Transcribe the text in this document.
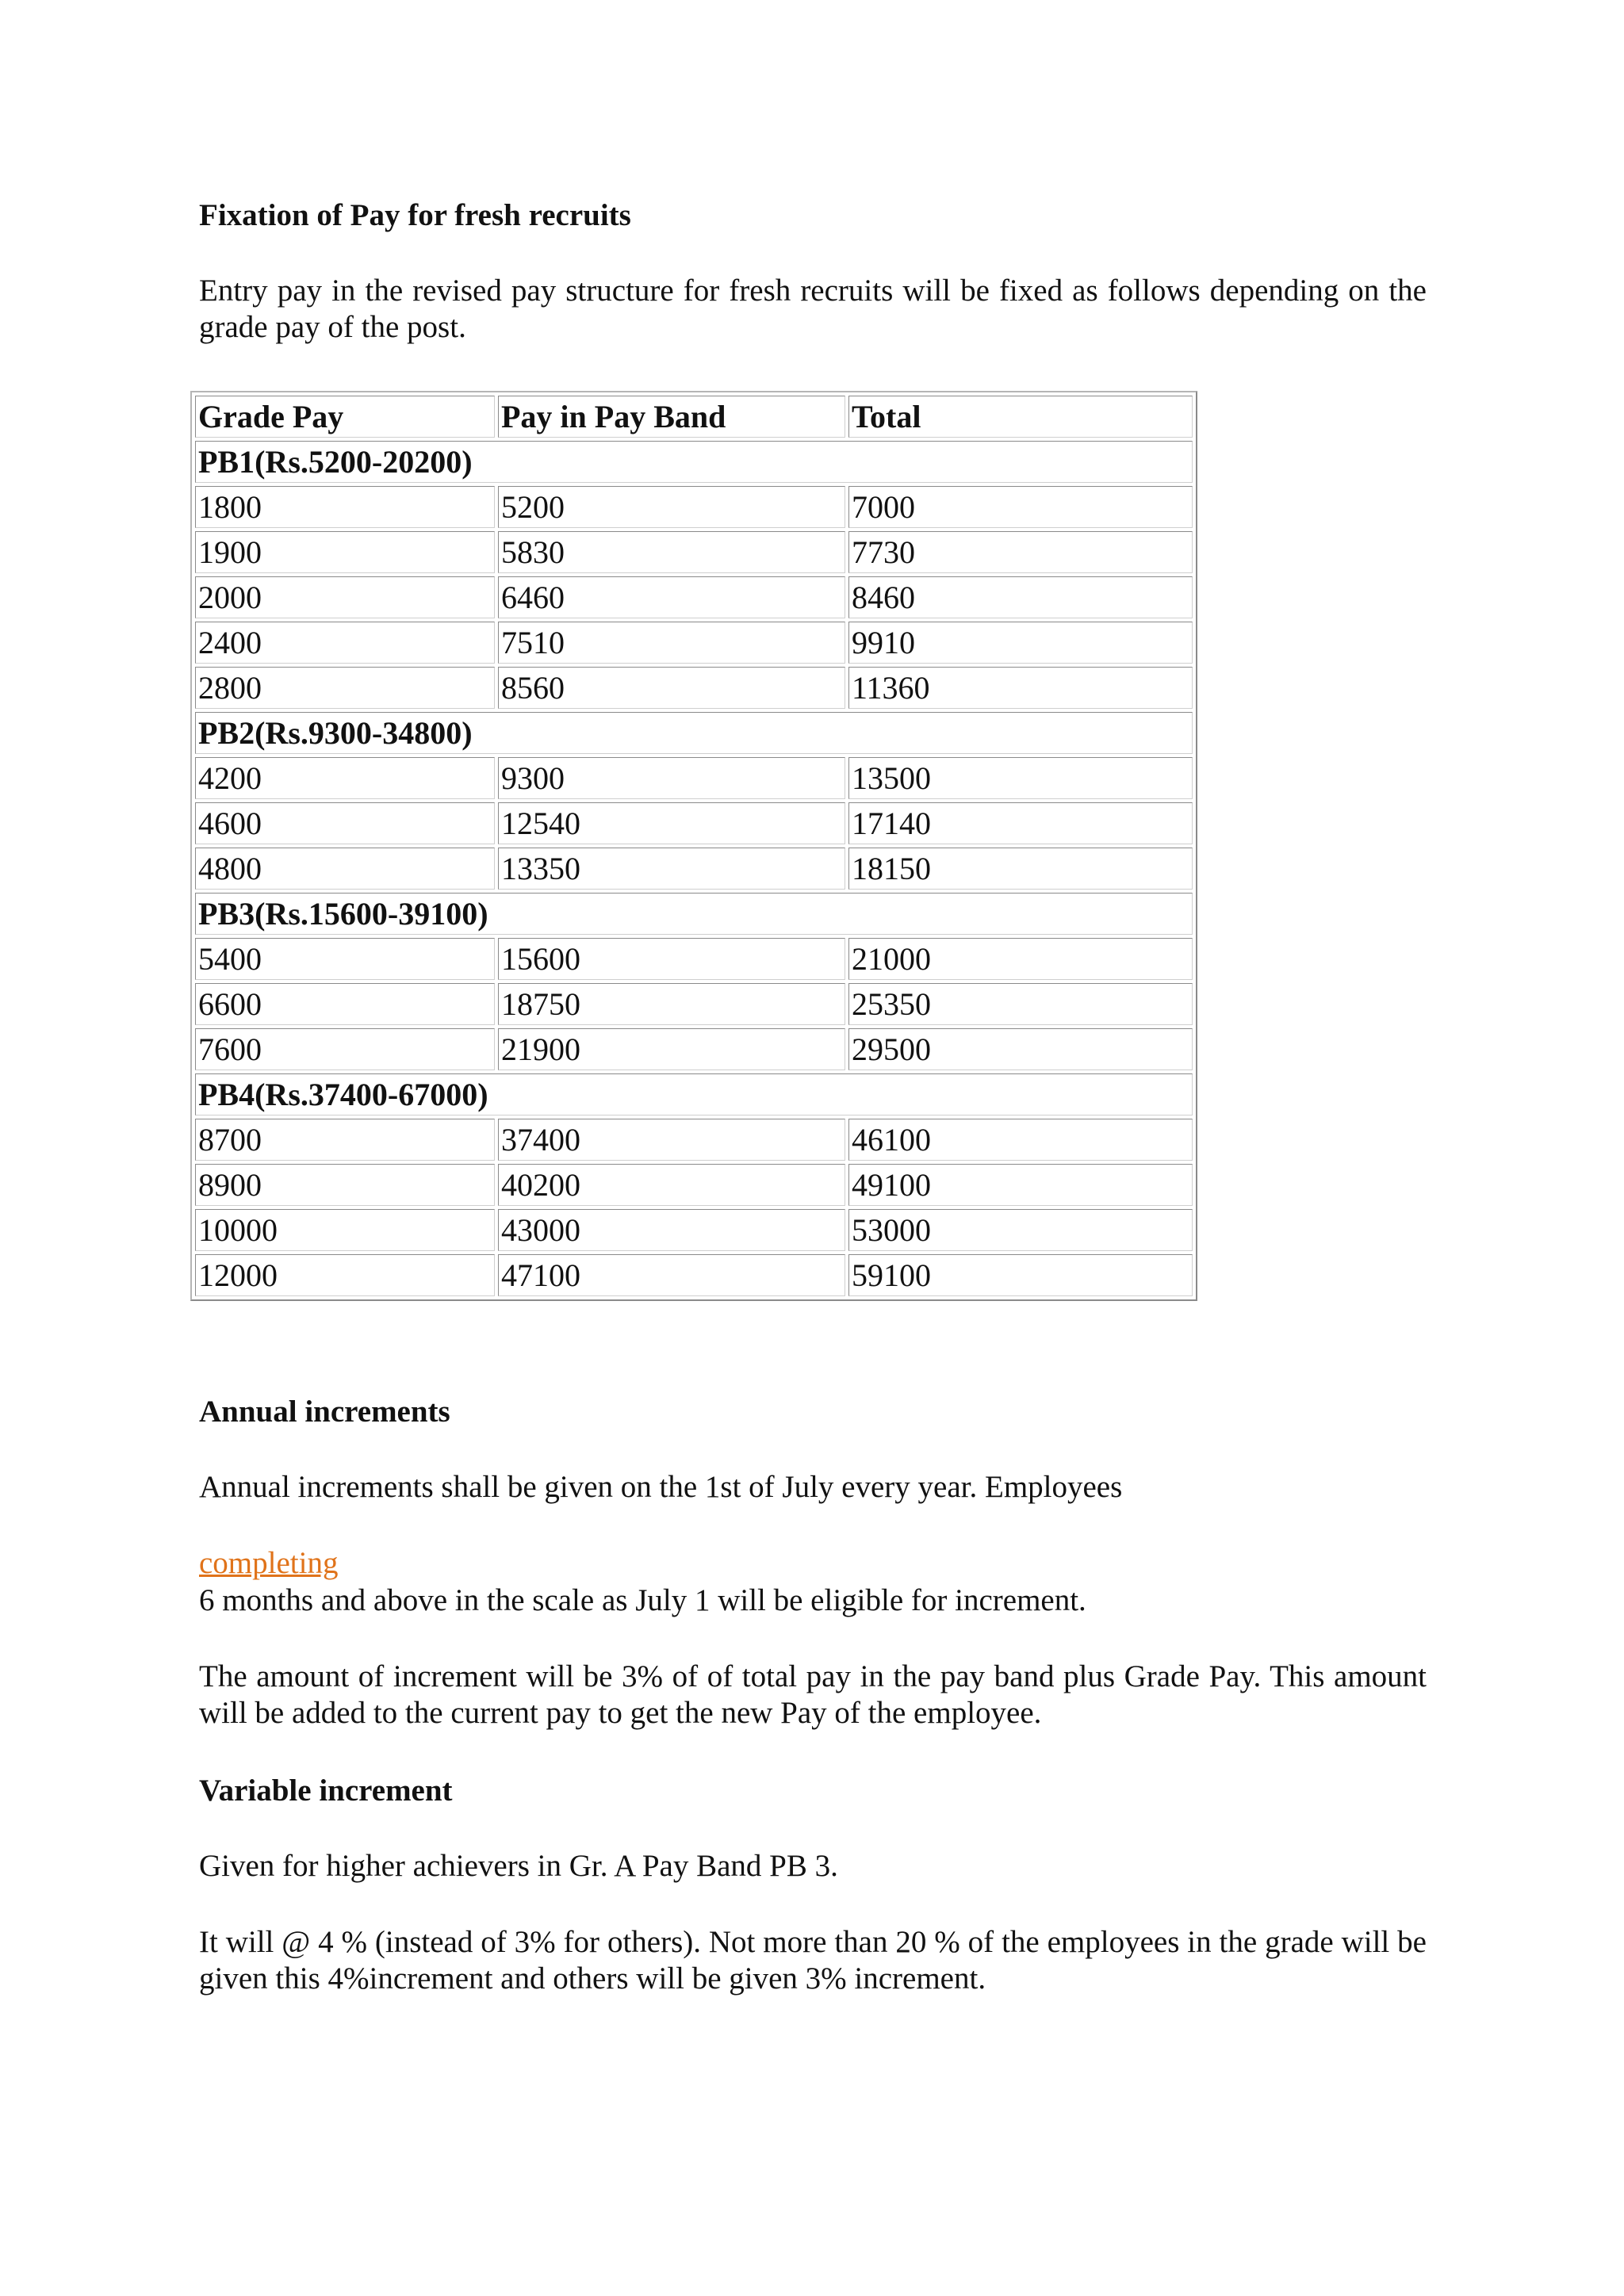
Fixation of Pay for fresh recruits

Entry pay in the revised pay structure for fresh recruits will be fixed as follows depending on the grade pay of the post.

Grade Pay	Pay in Pay Band	Total
PB1(Rs.5200-20200)		
1800	5200	7000
1900	5830	7730
2000	6460	8460
2400	7510	9910
2800	8560	11360
PB2(Rs.9300-34800)		
4200	9300	13500
4600	12540	17140
4800	13350	18150
PB3(Rs.15600-39100)		
5400	15600	21000
6600	18750	25350
7600	21900	29500
PB4(Rs.37400-67000)		
8700	37400	46100
8900	40200	49100
10000	43000	53000
12000	47100	59100
Annual increments

Annual increments shall be given on the 1st of July every year. Employees

completing

6 months and above in the scale as July 1 will be eligible for increment.

The amount of increment will be 3% of of total pay in the pay band plus Grade Pay. This amount will be added to the current pay to get the new Pay of the employee.

Variable increment

Given for higher achievers in Gr. A Pay Band PB 3.

It will @ 4 % (instead of 3% for others). Not more than 20 % of the employees in the grade will be given this 4%increment and others will be given 3% increment.
